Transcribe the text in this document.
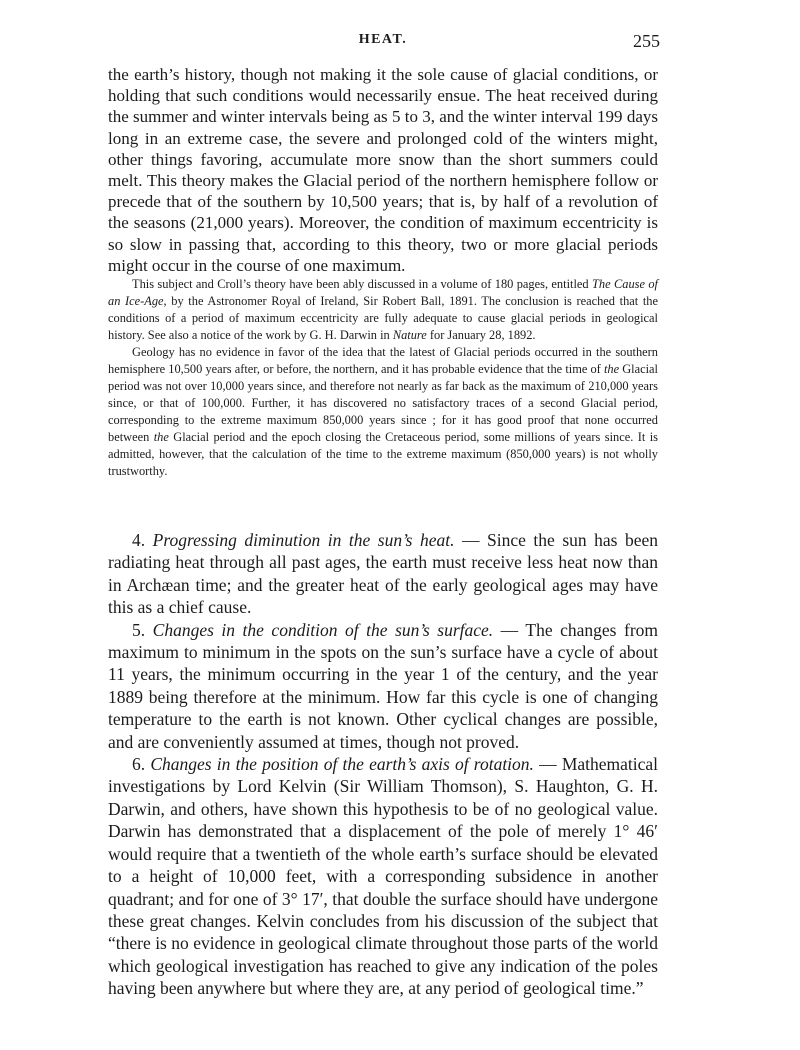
HEAT.	255

the earth’s history, though not making it the sole cause of glacial conditions, or holding that such conditions would necessarily ensue. The heat received during the summer and winter intervals being as 5 to 3, and the winter interval 199 days long in an extreme case, the severe and prolonged cold of the winters might, other things favoring, accumulate more snow than the short summers could melt. This theory makes the Glacial period of the northern hemisphere follow or precede that of the southern by 10,500 years; that is, by half of a revolution of the seasons (21,000 years). Moreover, the condition of maximum eccentricity is so slow in passing that, according to this theory, two or more glacial periods might occur in the course of one maximum.

This subject and Croll’s theory have been ably discussed in a volume of 180 pages, entitled The Cause of an Ice-Age, by the Astronomer Royal of Ireland, Sir Robert Ball, 1891. The conclusion is reached that the conditions of a period of maximum eccentricity are fully adequate to cause glacial periods in geological history. See also a notice of the work by G. H. Darwin in Nature for January 28, 1892.

Geology has no evidence in favor of the idea that the latest of Glacial periods occurred in the southern hemisphere 10,500 years after, or before, the northern, and it has probable evidence that the time of the Glacial period was not over 10,000 years since, and therefore not nearly as far back as the maximum of 210,000 years since, or that of 100,000. Further, it has discovered no satisfactory traces of a second Glacial period, corresponding to the extreme maximum 850,000 years since ; for it has good proof that none occurred between the Glacial period and the epoch closing the Cretaceous period, some millions of years since. It is admitted, however, that the calculation of the time to the extreme maximum (850,000 years) is not wholly trustworthy.

4. Progressing diminution in the sun’s heat. — Since the sun has been radiating heat through all past ages, the earth must receive less heat now than in Archæan time; and the greater heat of the early geological ages may have this as a chief cause.

5. Changes in the condition of the sun’s surface. — The changes from maximum to minimum in the spots on the sun’s surface have a cycle of about 11 years, the minimum occurring in the year 1 of the century, and the year 1889 being therefore at the minimum. How far this cycle is one of changing temperature to the earth is not known. Other cyclical changes are possible, and are conveniently assumed at times, though not proved.

6. Changes in the position of the earth’s axis of rotation. — Mathematical investigations by Lord Kelvin (Sir William Thomson), S. Haughton, G. H. Darwin, and others, have shown this hypothesis to be of no geological value. Darwin has demonstrated that a displacement of the pole of merely 1° 46′ would require that a twentieth of the whole earth’s surface should be elevated to a height of 10,000 feet, with a corresponding subsidence in another quadrant; and for one of 3° 17′, that double the surface should have undergone these great changes. Kelvin concludes from his discussion of the subject that “there is no evidence in geological climate throughout those parts of the world which geological investigation has reached to give any indication of the poles having been anywhere but where they are, at any period of geological time.”
